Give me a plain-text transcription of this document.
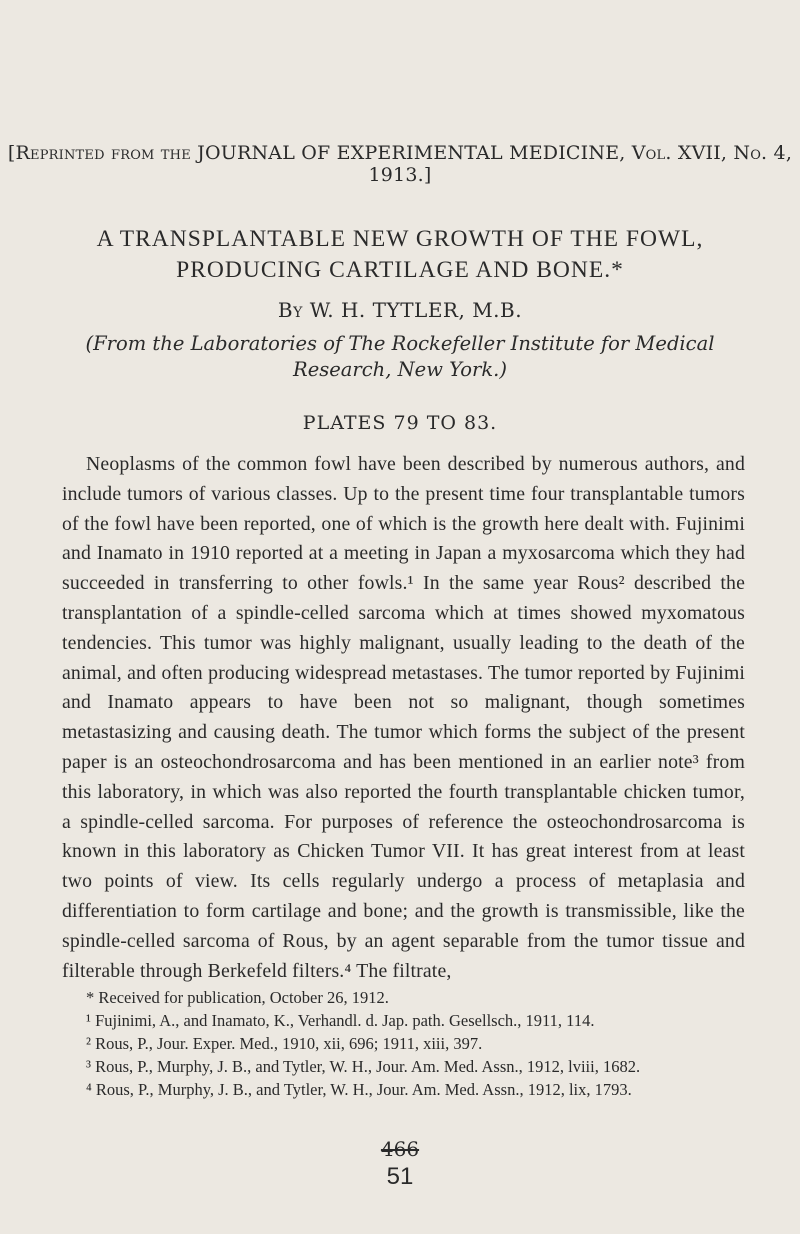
[Reprinted from the JOURNAL OF EXPERIMENTAL MEDICINE, Vol. XVII, No. 4, 1913.]
A TRANSPLANTABLE NEW GROWTH OF THE FOWL, PRODUCING CARTILAGE AND BONE.*
By W. H. TYTLER, M.B.
(From the Laboratories of The Rockefeller Institute for Medical Research, New York.)
PLATES 79 TO 83.

Neoplasms of the common fowl have been described by numerous authors, and include tumors of various classes. Up to the present time four transplantable tumors of the fowl have been reported, one of which is the growth here dealt with. Fujinimi and Inamato in 1910 reported at a meeting in Japan a myxosarcoma which they had succeeded in transferring to other fowls.¹ In the same year Rous² described the transplantation of a spindle-celled sarcoma which at times showed myxomatous tendencies. This tumor was highly malignant, usually leading to the death of the animal, and often producing widespread metastases. The tumor reported by Fujinimi and Inamato appears to have been not so malignant, though sometimes metastasizing and causing death. The tumor which forms the subject of the present paper is an osteochondrosarcoma and has been mentioned in an earlier note³ from this laboratory, in which was also reported the fourth transplantable chicken tumor, a spindle-celled sarcoma. For purposes of reference the osteochondrosarcoma is known in this laboratory as Chicken Tumor VII. It has great interest from at least two points of view. Its cells regularly undergo a process of metaplasia and differentiation to form cartilage and bone; and the growth is transmissible, like the spindle-celled sarcoma of Rous, by an agent separable from the tumor tissue and filterable through Berkefeld filters.⁴ The filtrate,

* Received for publication, October 26, 1912.

¹ Fujinimi, A., and Inamato, K., Verhandl. d. Jap. path. Gesellsch., 1911, 114.

² Rous, P., Jour. Exper. Med., 1910, xii, 696; 1911, xiii, 397.

³ Rous, P., Murphy, J. B., and Tytler, W. H., Jour. Am. Med. Assn., 1912, lviii, 1682.

⁴ Rous, P., Murphy, J. B., and Tytler, W. H., Jour. Am. Med. Assn., 1912, lix, 1793.

466
51
